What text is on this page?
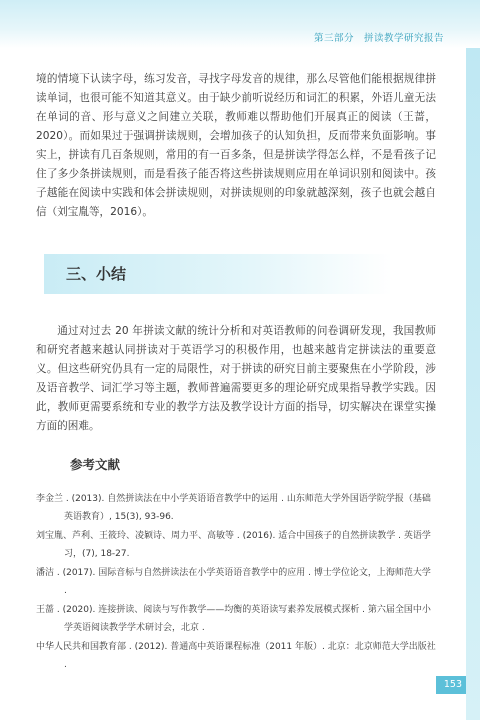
第三部分　拼读教学研究报告
境的情境下认读字母，练习发音，寻找字母发音的规律，那么尽管他们能根据规律拼读单词，也很可能不知道其意义。由于缺少前听说经历和词汇的积累，外语儿童无法在单词的音、形与意义之间建立关联，教师难以帮助他们开展真正的阅读（王蔷，2020）。而如果过于强调拼读规则，会增加孩子的认知负担，反而带来负面影响。事实上，拼读有几百条规则，常用的有一百多条，但是拼读学得怎么样，不是看孩子记住了多少条拼读规则，而是看孩子能否将这些拼读规则应用在单词识别和阅读中。孩子越能在阅读中实践和体会拼读规则，对拼读规则的印象就越深刻，孩子也就会越自信（刘宝胤等，2016）。
三、小结
通过对过去 20 年拼读文献的统计分析和对英语教师的问卷调研发现，我国教师和研究者越来越认同拼读对于英语学习的积极作用，也越来越肯定拼读法的重要意义。但这些研究仍具有一定的局限性，对于拼读的研究目前主要聚焦在小学阶段，涉及语音教学、词汇学习等主题，教师普遍需要更多的理论研究成果指导教学实践。因此，教师更需要系统和专业的教学方法及教学设计方面的指导，切实解决在课堂实操方面的困难。
参考文献
李金兰 . (2013). 自然拼读法在中小学英语语音教学中的运用 . 山东师范大学外国语学院学报（基础英语教育）, 15(3), 93-96.
刘宝胤、芦利、王筱玲、凌颖诗、周力平、高敏等 . (2016). 适合中国孩子的自然拼读教学 . 英语学习，(7), 18-27.
潘洁 . (2017). 国际音标与自然拼读法在小学英语语音教学中的应用 . 博士学位论文，上海师范大学 .
王蔷 . (2020). 连接拼读、阅读与写作教学——均衡的英语读写素养发展模式探析 . 第六届全国中小学英语阅读教学学术研讨会，北京 .
中华人民共和国教育部 . (2012). 普通高中英语课程标准（2011 年版）. 北京：北京师范大学出版社 .
153
